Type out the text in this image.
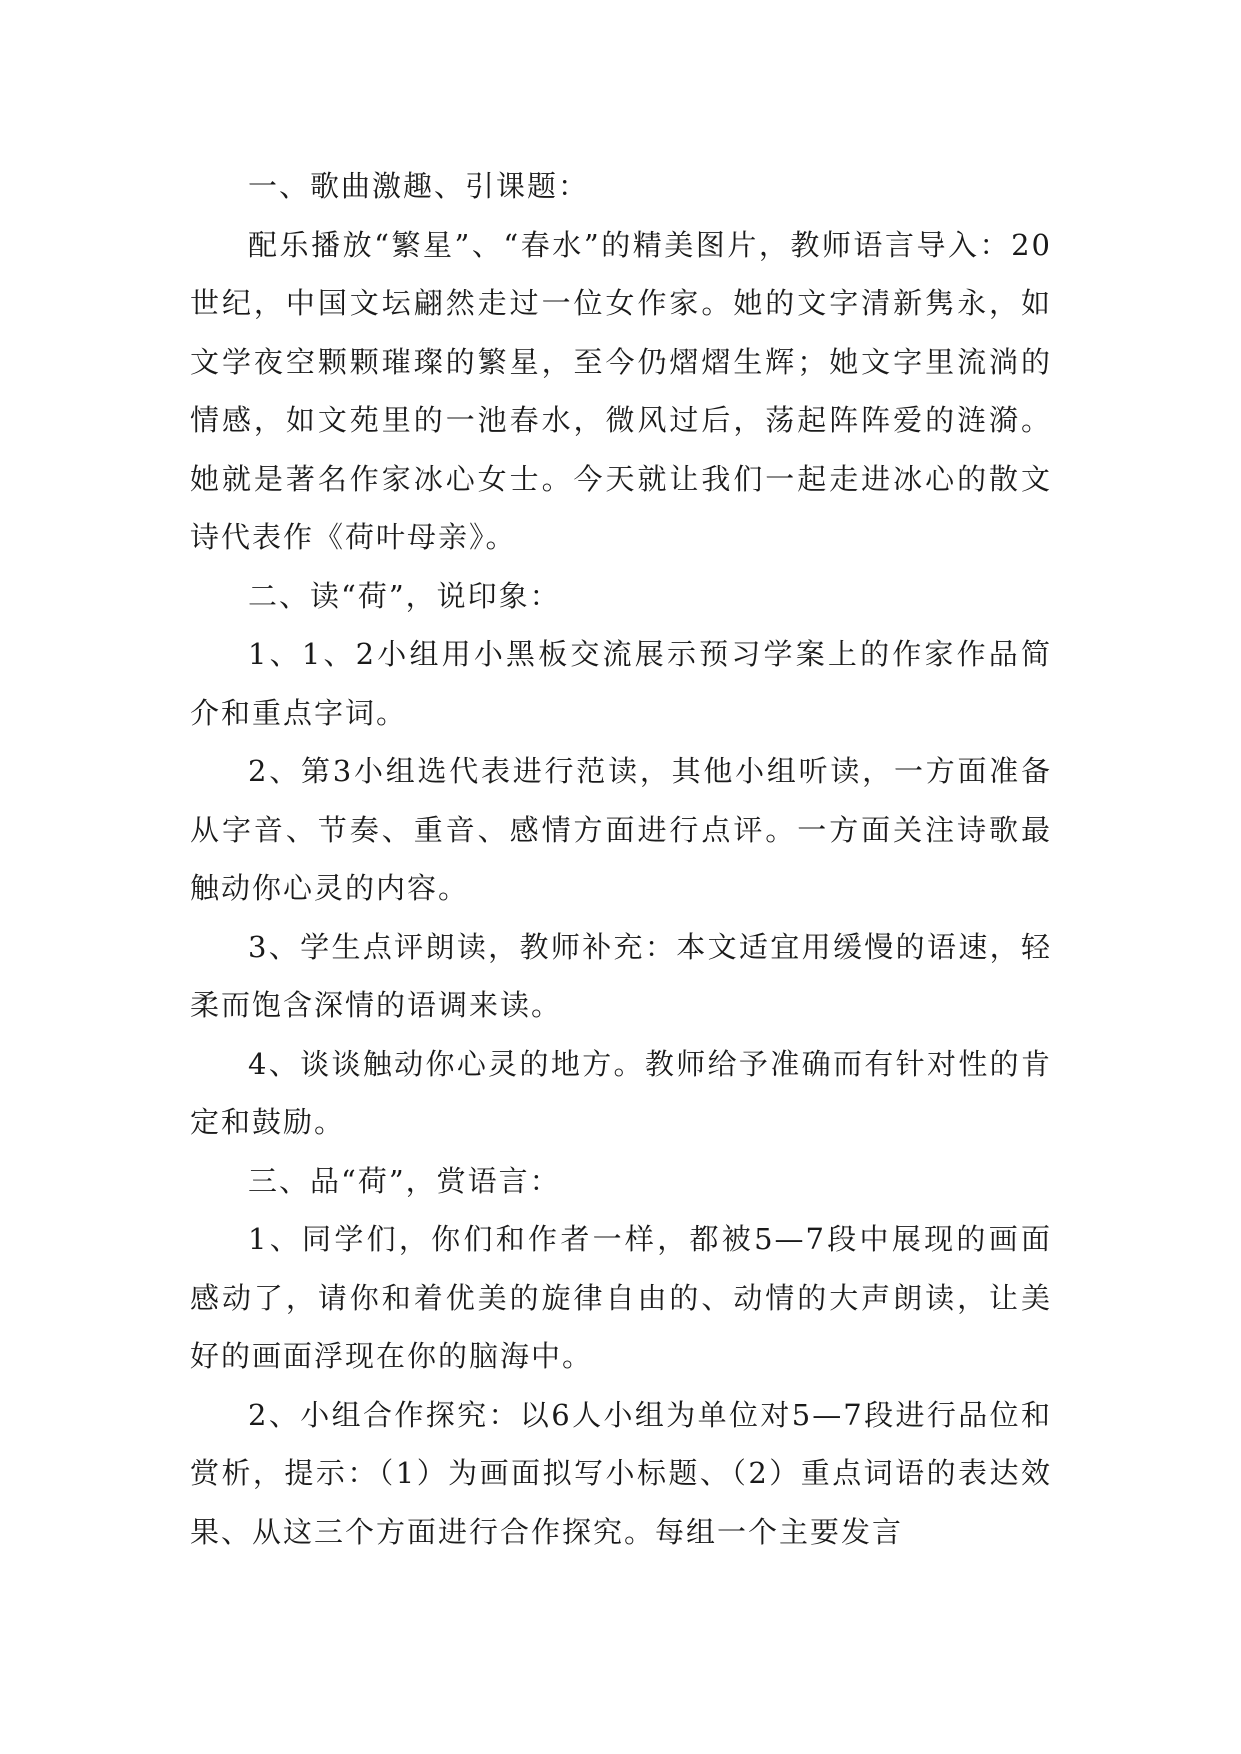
一、歌曲激趣、引课题：

配乐播放“繁星”、“春水”的精美图片，教师语言导入：20世纪，中国文坛翩然走过一位女作家。她的文字清新隽永，如文学夜空颗颗璀璨的繁星，至今仍熠熠生辉；她文字里流淌的情感，如文苑里的一池春水，微风过后，荡起阵阵爱的涟漪。她就是著名作家冰心女士。今天就让我们一起走进冰心的散文诗代表作《荷叶母亲》。

二、读“荷”，说印象：

1、1、2小组用小黑板交流展示预习学案上的作家作品简介和重点字词。

2、第3小组选代表进行范读，其他小组听读，一方面准备从字音、节奏、重音、感情方面进行点评。一方面关注诗歌最触动你心灵的内容。

3、学生点评朗读，教师补充：本文适宜用缓慢的语速，轻柔而饱含深情的语调来读。

4、谈谈触动你心灵的地方。教师给予准确而有针对性的肯定和鼓励。

三、品“荷”，赏语言：

1、同学们，你们和作者一样，都被5—7段中展现的画面感动了，请你和着优美的旋律自由的、动情的大声朗读，让美好的画面浮现在你的脑海中。

2、小组合作探究：以6人小组为单位对5—7段进行品位和赏析，提示：（1）为画面拟写小标题、（2）重点词语的表达效果、从这三个方面进行合作探究。每组一个主要发言
